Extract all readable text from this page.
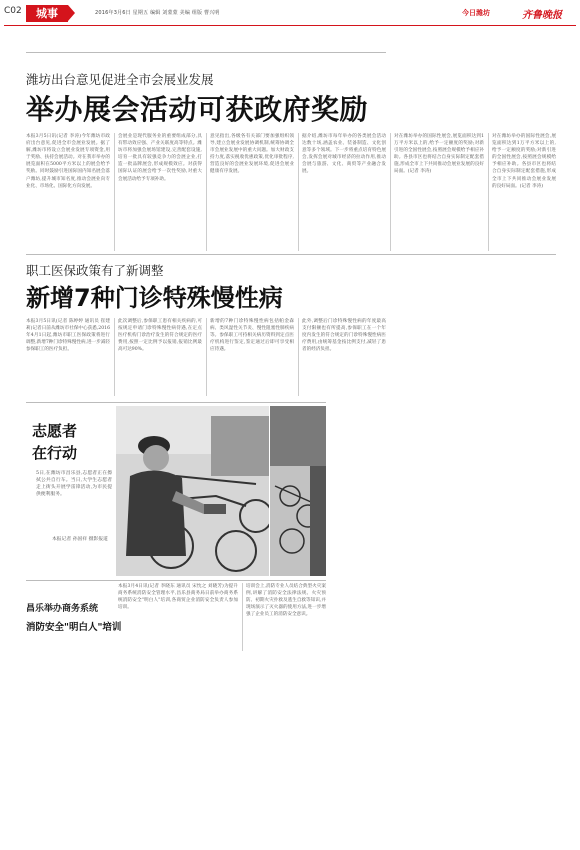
C02	城事	2016年3月6日 星期五 编辑 刘蒙蒙 美编 组版 曹兴明	今日潍坊	齐鲁晚报
潍坊出台意见促进全市会展业发展
举办展会活动可获政府奖励
本报3月5日讯(记者 李涛)今年潍坊市政府出台意见,促进全市会展业发展。据了解,潍坊市将设立会展业发展专项资金,用于奖励、扶持会展活动。对在我市举办的展览面积在5000平方米以上的展会给予奖励。同时鼓励引进国际国内知名展会落户潍坊,提升城市知名度,推动会展业向专业化、市场化、国际化方向发展。
会展业是现代服务业的重要组成部分,具有带动效应强、产业关联度高等特点。潍坊市将加强会展场馆建设,完善配套设施,培育一批具有较强竞争力的会展企业,打造一批品牌展会,形成规模效应。对获得国际认证的展会给予一次性奖励,对重大会展活动给予专项补助。
意见指出,各级各有关部门要加强组织领导,建立会展业发展协调机制,统筹协调全市会展业发展中的重大问题。加大财政支持力度,落实税收优惠政策,优化审批程序,营造良好的会展业发展环境,促进会展业健康有序发展。
据介绍,潍坊市每年举办的各类展会活动达数十场,涵盖农业、装备制造、文化创意等多个领域。下一步将重点培育特色展会,发挥会展对城市经济的拉动作用,推动会展与旅游、文化、商贸等产业融合发展。
对在潍坊举办的国际性展会,展览面积达到1万平方米以上的,给予一定额度的奖励;对新引进的全国性展会,按照展会规模给予相应补助。各县市区也将结合自身实际制定配套措施,形成全市上下共同推动会展业发展的良好局面。(记者 李涛)
对在潍坊举办的国际性展会,展览面积达到1万平方米以上的,给予一定额度的奖励;对新引进的全国性展会,按照展会规模给予相应补助。各县市区也将结合自身实际制定配套措施,形成全市上下共同推动会展业发展的良好局面。(记者 李涛)
职工医保政策有了新调整
新增7种门诊特殊慢性病
本报3月5日讯(记者 陈婷婷 通讯员 崔建莉)记者日前从潍坊市社保中心获悉,2016年4月1日起,潍坊市职工医保政策将进行调整,新增7种门诊特殊慢性病,进一步减轻参保职工的医疗负担。
此次调整后,参保职工患有相关疾病的,可按规定申请门诊特殊慢性病待遇,在定点医疗机构门诊治疗发生的符合规定的医疗费用,按照一定比例予以报销,报销比例最高可达90%。
新增的7种门诊特殊慢性病包括帕金森病、类风湿性关节炎、慢性阻塞性肺疾病等。参保职工可持相关病历资料到定点医疗机构进行鉴定,鉴定通过后即可享受相应待遇。
此外,调整后门诊特殊慢性病的年度最高支付限额也有所提高,参保职工在一个年度内发生的符合规定的门诊特殊慢性病医疗费用,由统筹基金按比例支付,减轻了患者的经济负担。
志愿者
在行动
5日,在潍坊市昌乐县,志愿者正在擦拭公共自行车。当日,大学生志愿者走上街头开展学雷锋活动,为市民提供便利服务。
本报记者 孙国祥 摄影报道
昌乐举办商务系统
消防安全"明白人"培训
本报3月4日讯(记者 李晓东 通讯员 宋忱之 刘晓芳)为提升商务系统消防安全管理水平,昌乐县商务局日前举办商务系统消防安全"明白人"培训,各商贸企业消防安全负责人参加培训。
培训会上,消防专业人员结合典型火灾案例,讲解了消防安全法律法规、火灾预防、初期火灾扑救及逃生自救等知识,并现场演示了灭火器的使用方法,进一步增强了企业员工的消防安全意识。
